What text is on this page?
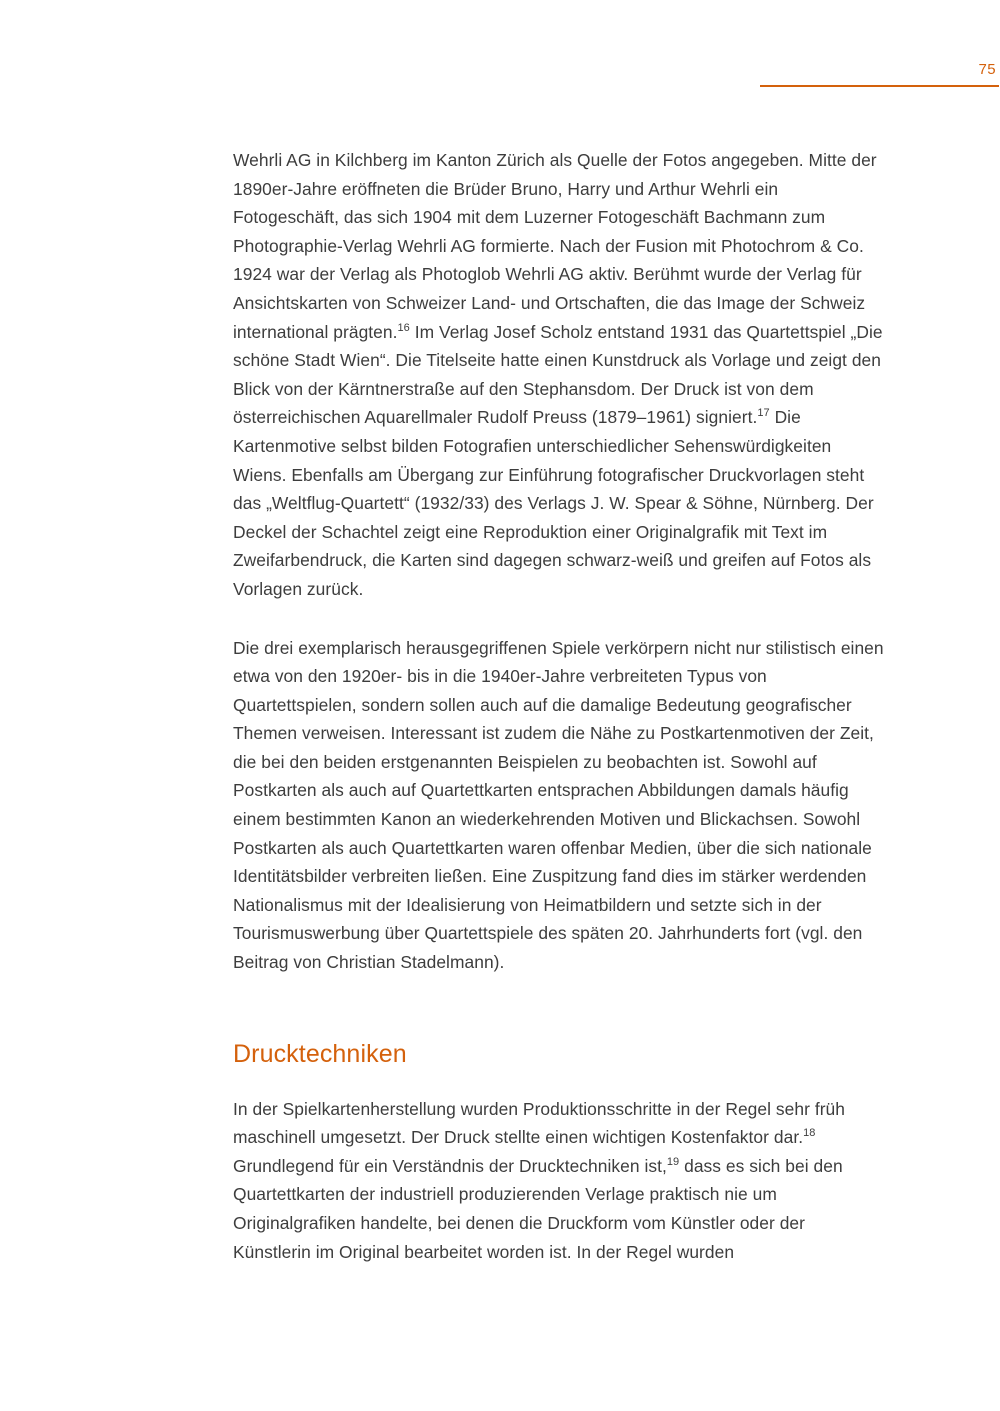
75

Wehrli AG in Kilchberg im Kanton Zürich als Quelle der Fotos angegeben. Mitte der 1890er-Jahre eröffneten die Brüder Bruno, Harry und Arthur Wehrli ein Fotogeschäft, das sich 1904 mit dem Luzerner Fotogeschäft Bachmann zum Photographie-Verlag Wehrli AG formierte. Nach der Fusion mit Photochrom & Co. 1924 war der Verlag als Photoglob Wehrli AG aktiv. Berühmt wurde der Verlag für Ansichtskarten von Schweizer Land- und Ortschaften, die das Image der Schweiz international prägten.$^{16}$ Im Verlag Josef Scholz entstand 1931 das Quartettspiel „Die schöne Stadt Wien“. Die Titelseite hatte einen Kunstdruck als Vorlage und zeigt den Blick von der Kärntnerstraße auf den Stephansdom. Der Druck ist von dem österreichischen Aquarellmaler Rudolf Preuss (1879–1961) signiert.$^{17}$ Die Kartenmotive selbst bilden Fotografien unterschiedlicher Sehenswürdigkeiten Wiens. Ebenfalls am Übergang zur Einführung fotografischer Druckvorlagen steht das „Weltflug-Quartett“ (1932/33) des Verlags J. W. Spear & Söhne, Nürnberg. Der Deckel der Schachtel zeigt eine Reproduktion einer Originalgrafik mit Text im Zweifarbendruck, die Karten sind dagegen schwarz-weiß und greifen auf Fotos als Vorlagen zurück.

Die drei exemplarisch herausgegriffenen Spiele verkörpern nicht nur stilistisch einen etwa von den 1920er- bis in die 1940er-Jahre verbreiteten Typus von Quartettspielen, sondern sollen auch auf die damalige Bedeutung geografischer Themen verweisen. Interessant ist zudem die Nähe zu Postkartenmotiven der Zeit, die bei den beiden erstgenannten Beispielen zu beobachten ist. Sowohl auf Postkarten als auch auf Quartettkarten entsprachen Abbildungen damals häufig einem bestimmten Kanon an wiederkehrenden Motiven und Blickachsen. Sowohl Postkarten als auch Quartettkarten waren offenbar Medien, über die sich nationale Identitätsbilder verbreiten ließen. Eine Zuspitzung fand dies im stärker werdenden Nationalismus mit der Idealisierung von Heimatbildern und setzte sich in der Tourismuswerbung über Quartettspiele des späten 20. Jahrhunderts fort (vgl. den Beitrag von Christian Stadelmann).

Drucktechniken

In der Spielkartenherstellung wurden Produktionsschritte in der Regel sehr früh maschinell umgesetzt. Der Druck stellte einen wichtigen Kostenfaktor dar.$^{18}$ Grundlegend für ein Verständnis der Drucktechniken ist,$^{19}$ dass es sich bei den Quartettkarten der industriell produzierenden Verlage praktisch nie um Originalgrafiken handelte, bei denen die Druckform vom Künstler oder der Künstlerin im Original bearbeitet worden ist. In der Regel wurden
